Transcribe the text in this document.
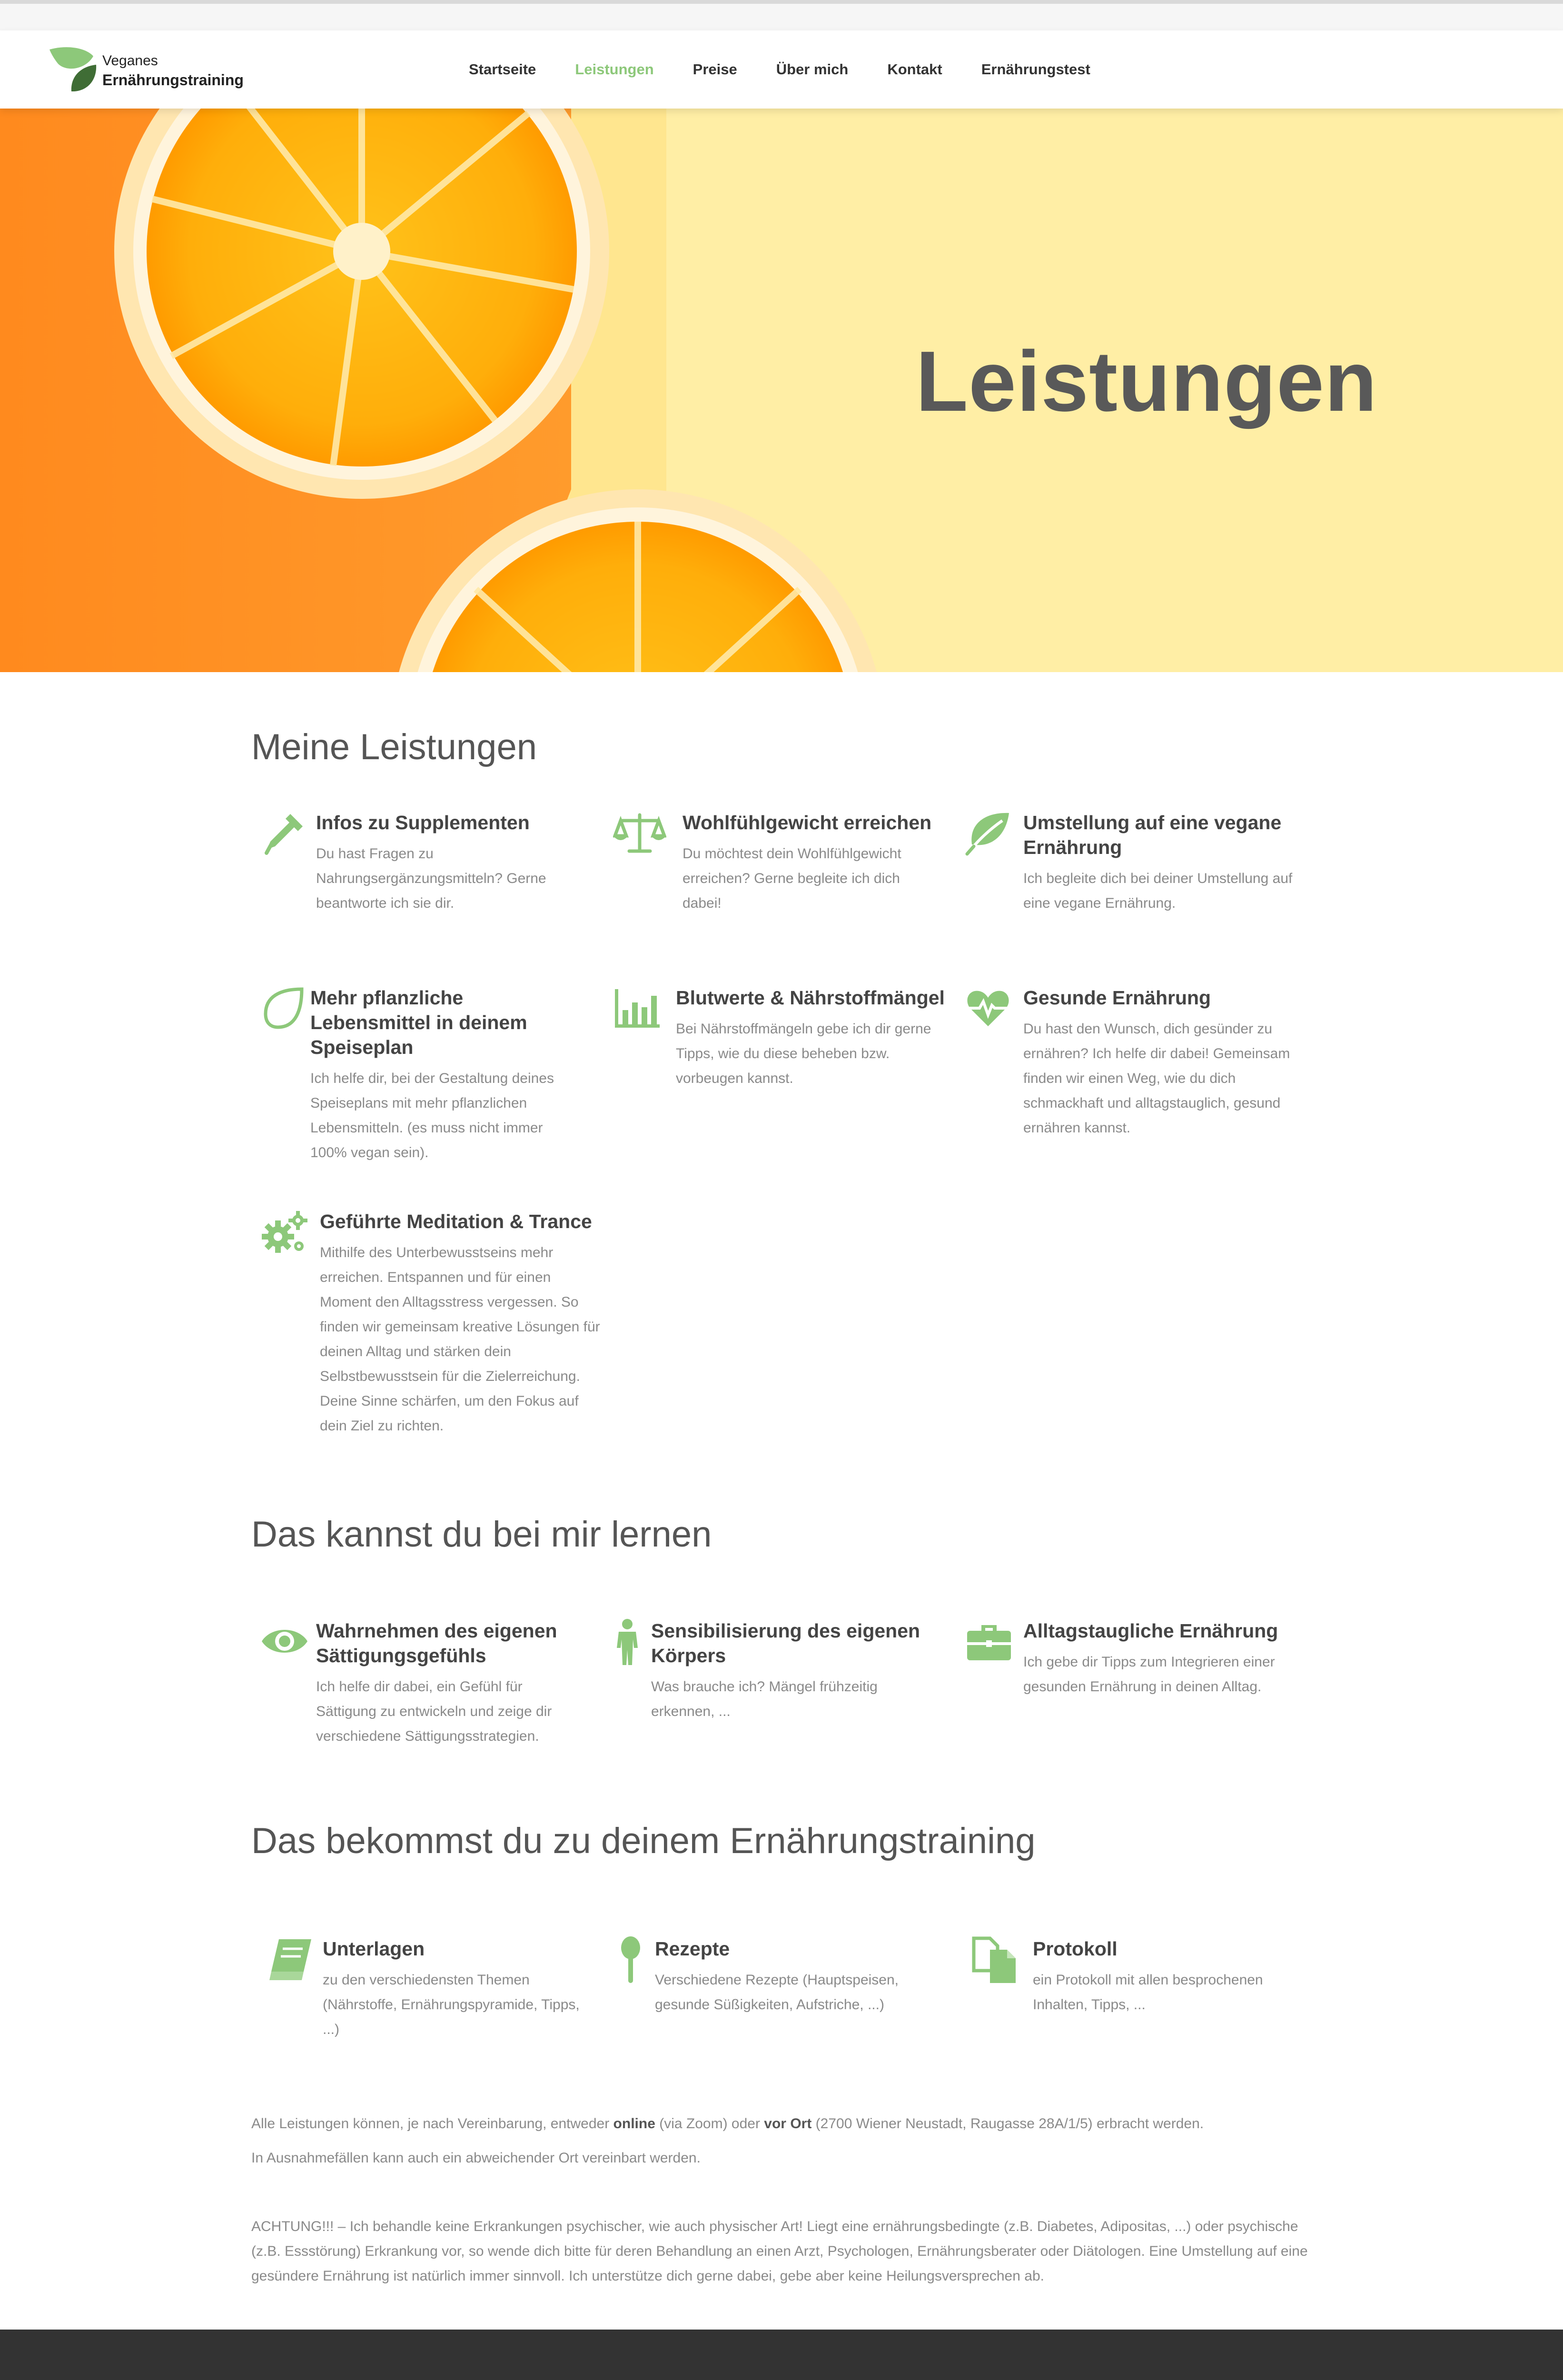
Veganes
Ernährungstraining
Startseite	Leistungen	Preise	Über mich	Kontakt	Ernährungstest
Leistungen
Meine Leistungen
Infos zu Supplementen

Du hast Fragen zu Nahrungsergänzungsmitteln? Gerne beantworte ich sie dir.

Wohlfühlgewicht erreichen

Du möchtest dein Wohlfühlgewicht erreichen? Gerne begleite ich dich dabei!

Umstellung auf eine vegane Ernährung

Ich begleite dich bei deiner Umstellung auf eine vegane Ernährung.

Mehr pflanzliche Lebensmittel in deinem Speiseplan

Ich helfe dir, bei der Gestaltung deines Speiseplans mit mehr pflanzlichen Lebensmitteln. (es muss nicht immer 100% vegan sein).

Blutwerte & Nährstoffmängel

Bei Nährstoffmängeln gebe ich dir gerne Tipps, wie du diese beheben bzw. vorbeugen kannst.

Gesunde Ernährung

Du hast den Wunsch, dich gesünder zu ernähren? Ich helfe dir dabei! Gemeinsam finden wir einen Weg, wie du dich schmackhaft und alltagstauglich, gesund ernähren kannst.

Geführte Meditation & Trance

Mithilfe des Unterbewusstseins mehr erreichen. Entspannen und für einen Moment den Alltagsstress vergessen. So finden wir gemeinsam kreative Lösungen für deinen Alltag und stärken dein Selbstbewusstsein für die Zielerreichung. Deine Sinne schärfen, um den Fokus auf dein Ziel zu richten.

Das kannst du bei mir lernen
Wahrnehmen des eigenen Sättigungsgefühls

Ich helfe dir dabei, ein Gefühl für Sättigung zu entwickeln und zeige dir verschiedene Sättigungsstrategien.

Sensibilisierung des eigenen Körpers

Was brauche ich? Mängel frühzeitig erkennen, ...

Alltagstaugliche Ernährung

Ich gebe dir Tipps zum Integrieren einer gesunden Ernährung in deinen Alltag.

Das bekommst du zu deinem Ernährungstraining
Unterlagen

zu den verschiedensten Themen (Nährstoffe, Ernährungspyramide, Tipps, ...)

Rezepte

Verschiedene Rezepte (Hauptspeisen, gesunde Süßigkeiten, Aufstriche, ...)

Protokoll

ein Protokoll mit allen besprochenen Inhalten, Tipps, ...

Alle Leistungen können, je nach Vereinbarung, entweder online (via Zoom) oder vor Ort (2700 Wiener Neustadt, Raugasse 28A/1/5) erbracht werden.

In Ausnahmefällen kann auch ein abweichender Ort vereinbart werden.

ACHTUNG!!! – Ich behandle keine Erkrankungen psychischer, wie auch physischer Art! Liegt eine ernährungsbedingte (z.B. Diabetes, Adipositas, ...) oder psychische (z.B. Essstörung) Erkrankung vor, so wende dich bitte für deren Behandlung an einen Arzt, Psychologen, Ernährungsberater oder Diätologen. Eine Umstellung auf eine gesündere Ernährung ist natürlich immer sinnvoll. Ich unterstütze dich gerne dabei, gebe aber keine Heilungsversprechen ab.
